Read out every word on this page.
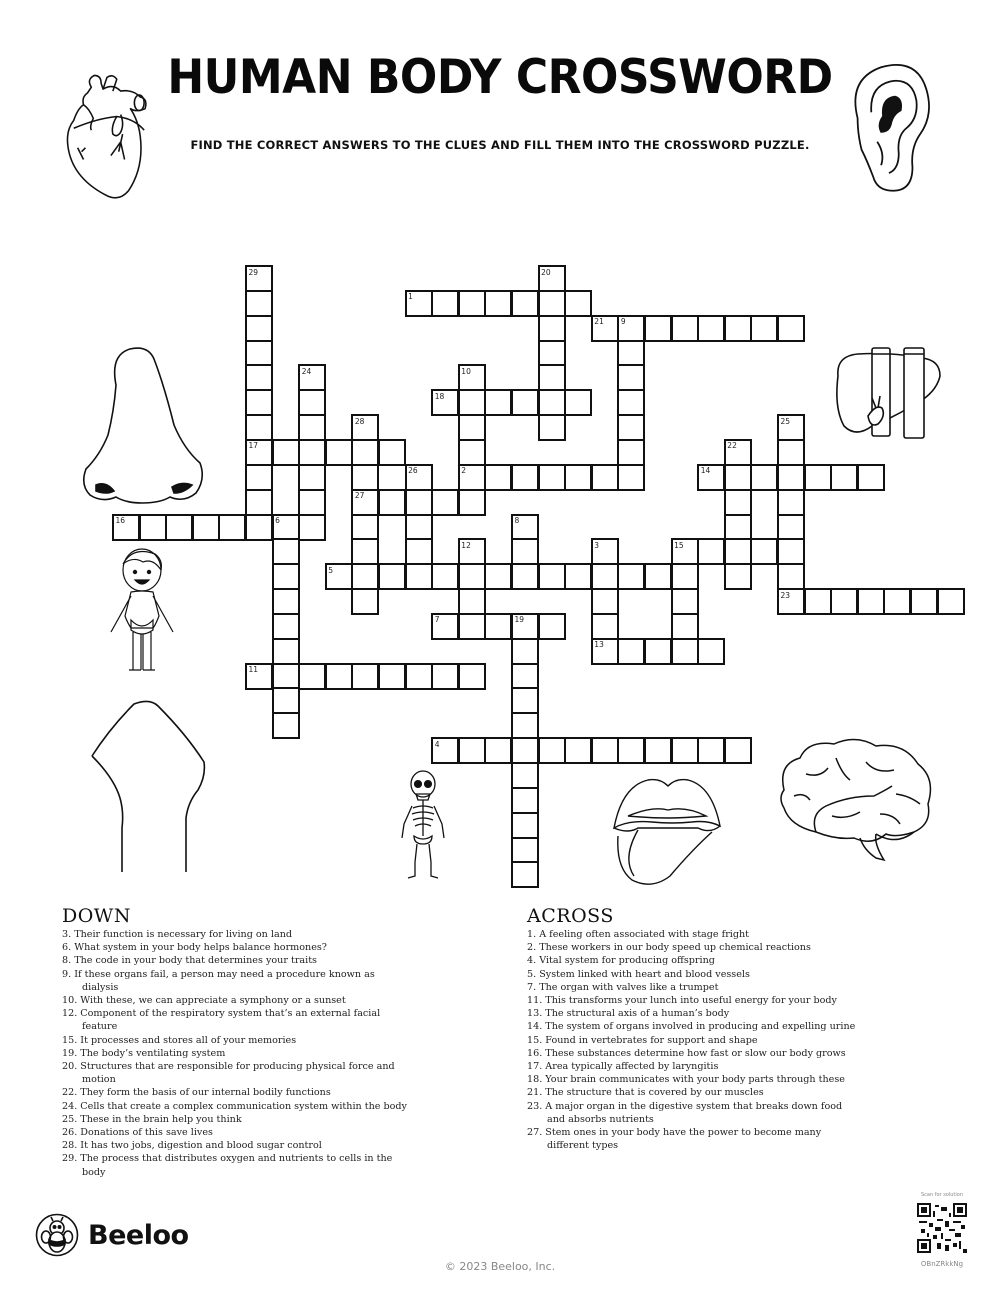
HUMAN BODY CROSSWORD
FIND THE CORRECT ANSWERS TO THE CLUES AND FILL THEM INTO THE CROSSWORD PUZZLE.
29	20
1
21 9
24	10
18
28	25
17	22
26	2	14
27
16	6	8
12	3	15
5
23
7	19
13
11
4
DOWN
3. Their function is necessary for living on land
6. What system in your body helps balance hormones?
8. The code in your body that determines your traits
9. If these organs fail, a person may need a procedure known as dialysis
10. With these, we can appreciate a symphony or a sunset
12. Component of the respiratory system that’s an external facial feature
15. It processes and stores all of your memories
19. The body’s ventilating system
20. Structures that are responsible for producing physical force and motion
22. They form the basis of our internal bodily functions
24. Cells that create a complex communication system within the body
25. These in the brain help you think
26. Donations of this save lives
28. It has two jobs, digestion and blood sugar control
29. The process that distributes oxygen and nutrients to cells in the body
ACROSS
1. A feeling often associated with stage fright
2. These workers in our body speed up chemical reactions
4. Vital system for producing offspring
5. System linked with heart and blood vessels
7. The organ with valves like a trumpet
11. This transforms your lunch into useful energy for your body
13. The structural axis of a human’s body
14. The system of organs involved in producing and expelling urine
15. Found in vertebrates for support and shape
16. These substances determine how fast or slow our body grows
17. Area typically affected by laryngitis
18. Your brain communicates with your body parts through these
21. The structure that is covered by our muscles
23. A major organ in the digestive system that breaks down food and absorbs nutrients
27. Stem ones in your body have the power to become many different types
Beeloo
© 2023 Beeloo, Inc.
Scan for solution
OBnZRkkNg
